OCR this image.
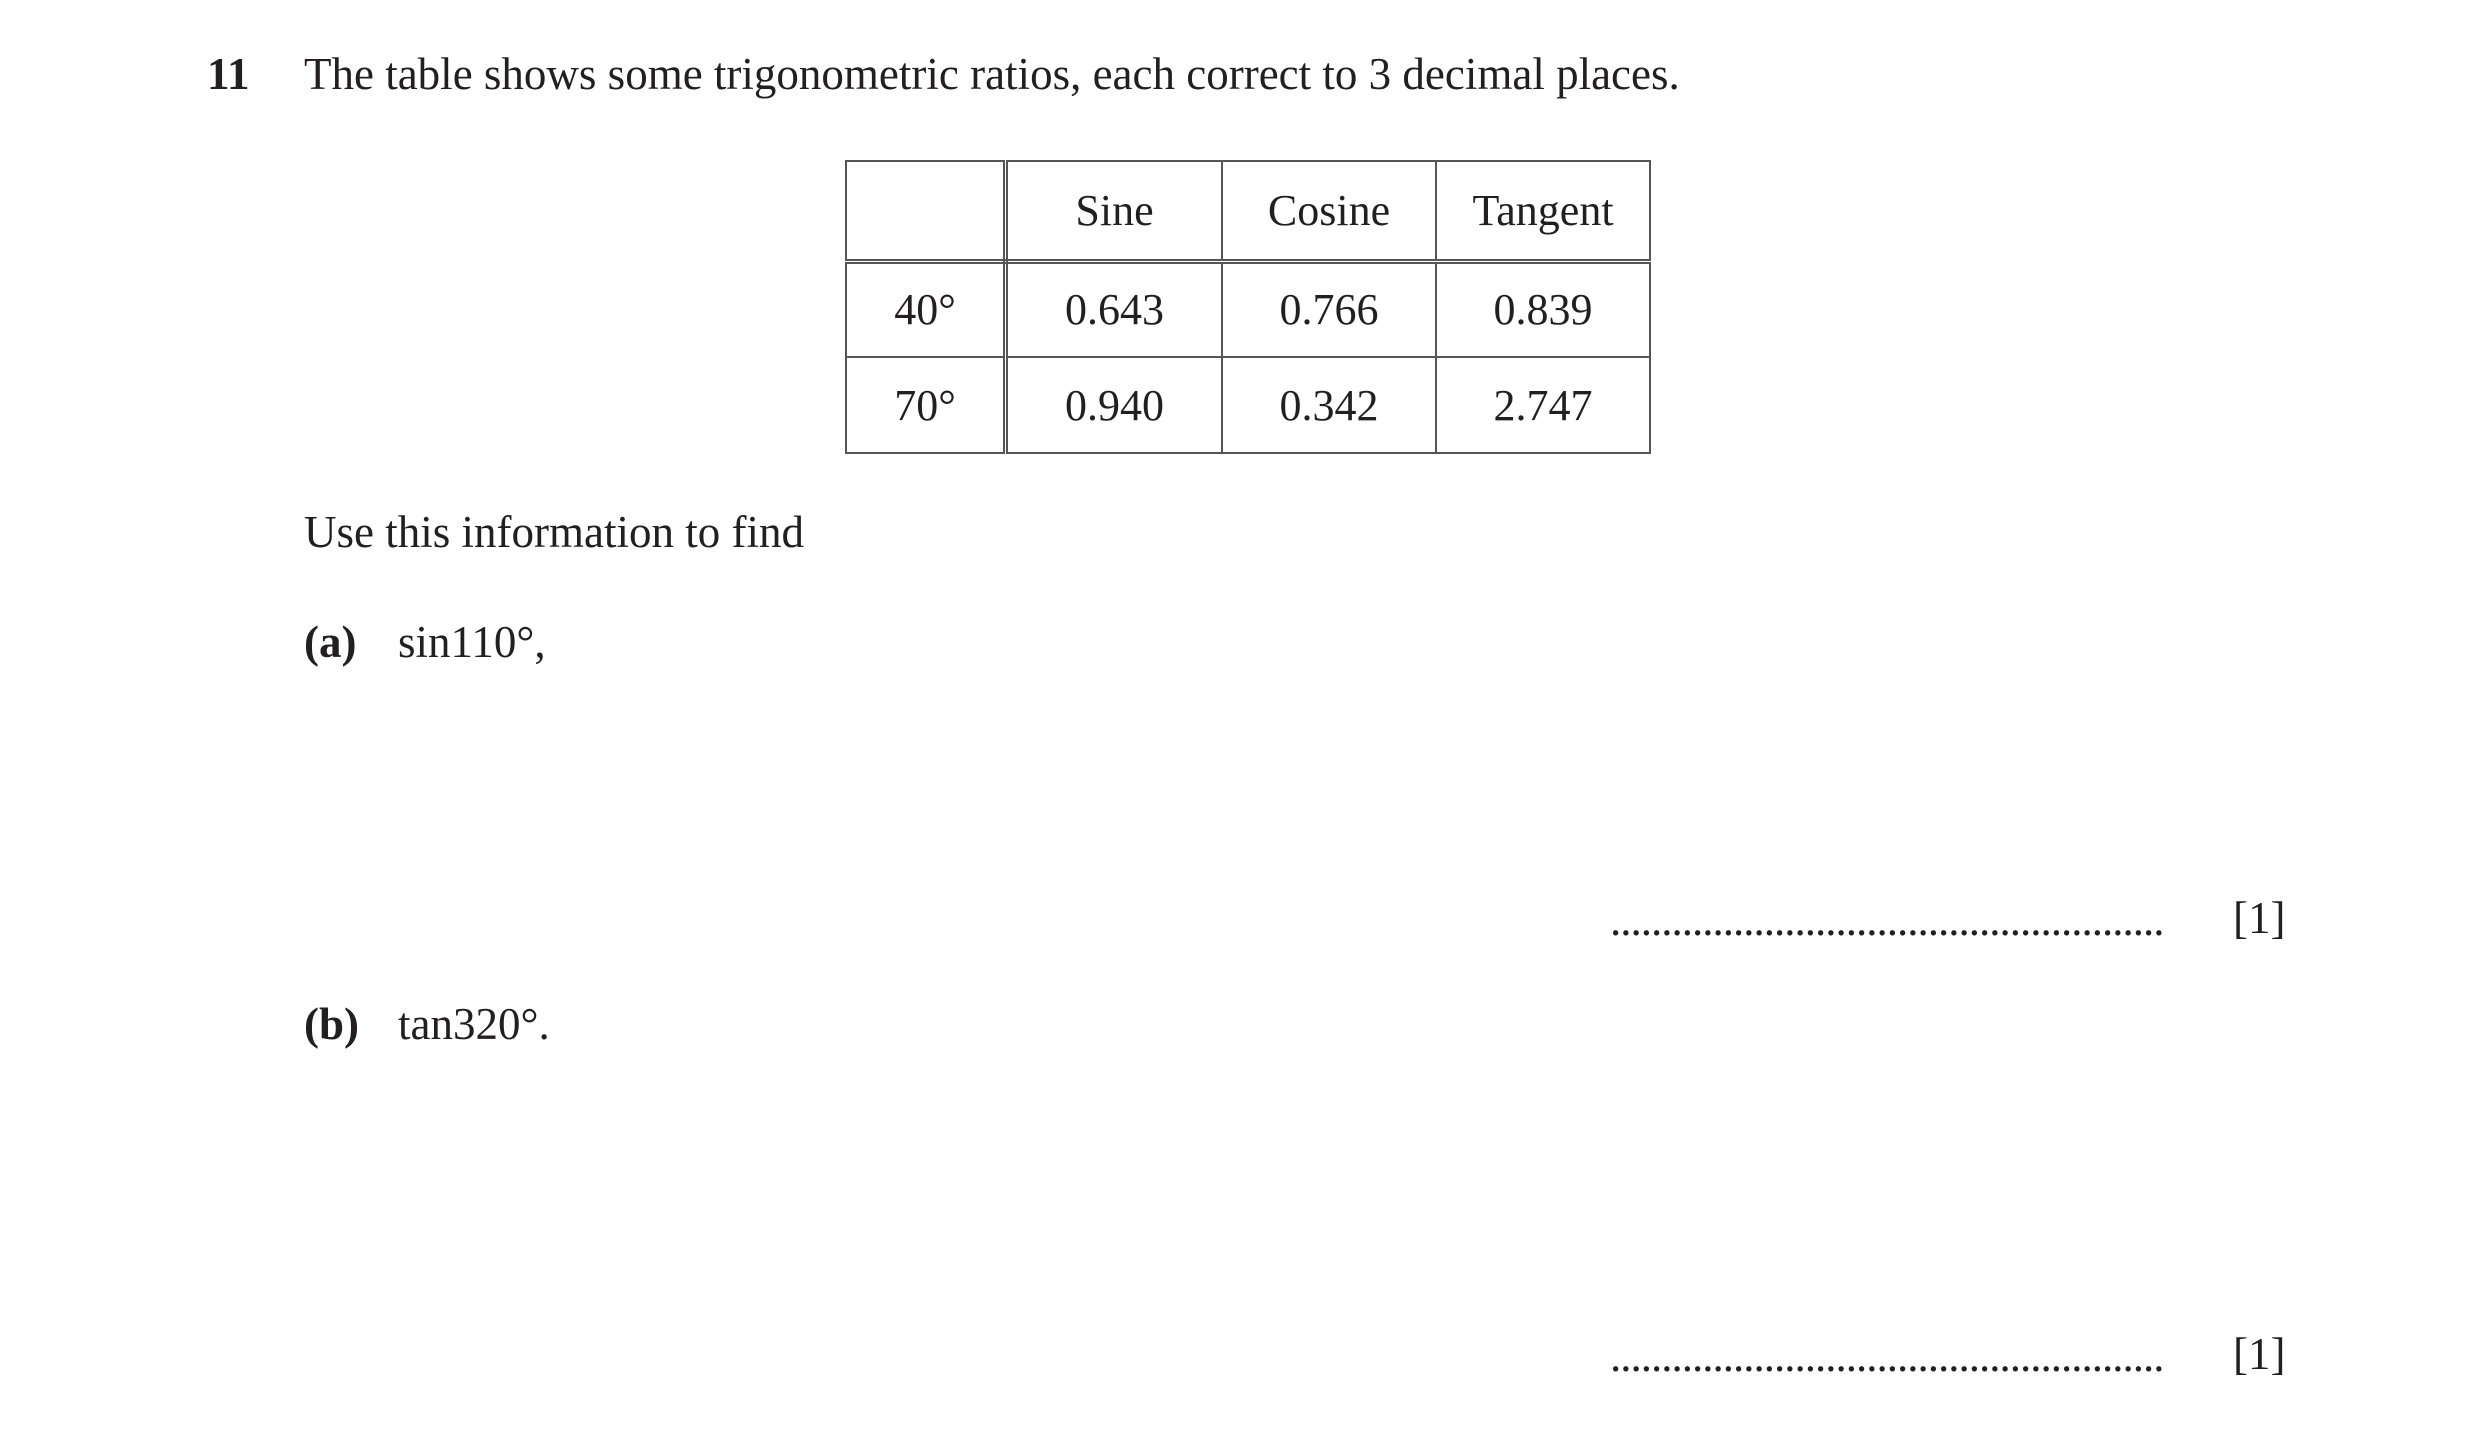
11 The table shows some trigonometric ratios, each correct to 3 decimal places.
	Sine	Cosine	Tangent
40°	0.643	0.766	0.839
70°	0.940	0.342	2.747
Use this information to find
(a) sin110°,
...................................................... [1]
(b) tan320°.
...................................................... [1]
